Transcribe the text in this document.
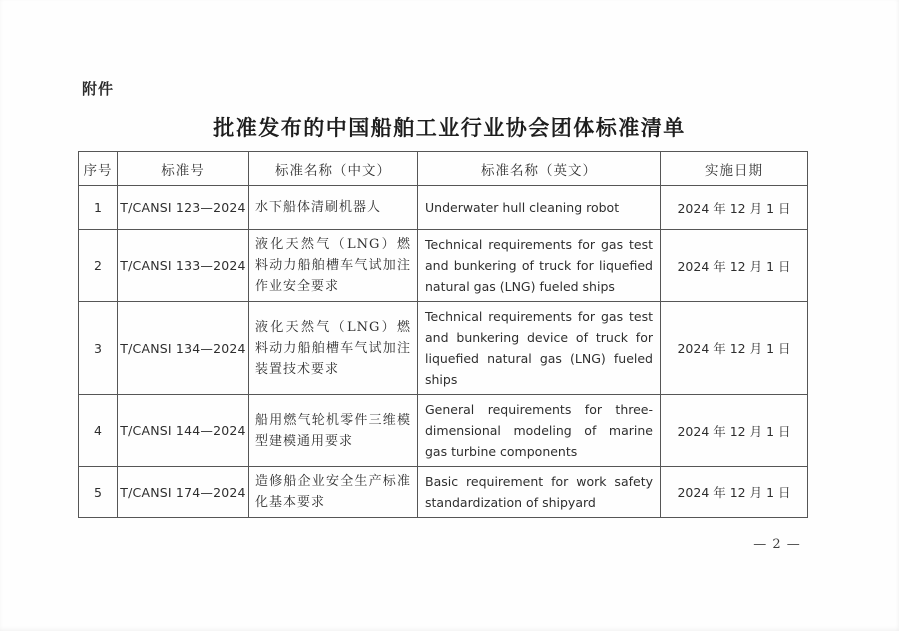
附件
批准发布的中国船舶工业行业协会团体标准清单
序号	标准号	标准名称（中文）	标准名称（英文）	实施日期
1	T/CANSI 123—2024	水下船体清刷机器人	Underwater hull cleaning robot	2024 年 12 月 1 日
2	T/CANSI 133—2024	液化天然气（LNG）燃料动力船舶槽车气试加注作业安全要求	Technical requirements for gas test and bunkering of truck for liquefied natural gas (LNG) fueled ships	2024 年 12 月 1 日
3	T/CANSI 134—2024	液化天然气（LNG）燃料动力船舶槽车气试加注装置技术要求	Technical requirements for gas test and bunkering device of truck for liquefied natural gas (LNG) fueled ships	2024 年 12 月 1 日
4	T/CANSI 144—2024	船用燃气轮机零件三维模型建模通用要求	General requirements for three-dimensional modeling of marine gas turbine components	2024 年 12 月 1 日
5	T/CANSI 174—2024	造修船企业安全生产标准化基本要求	Basic requirement for work safety standardization of shipyard	2024 年 12 月 1 日
— 2 —
